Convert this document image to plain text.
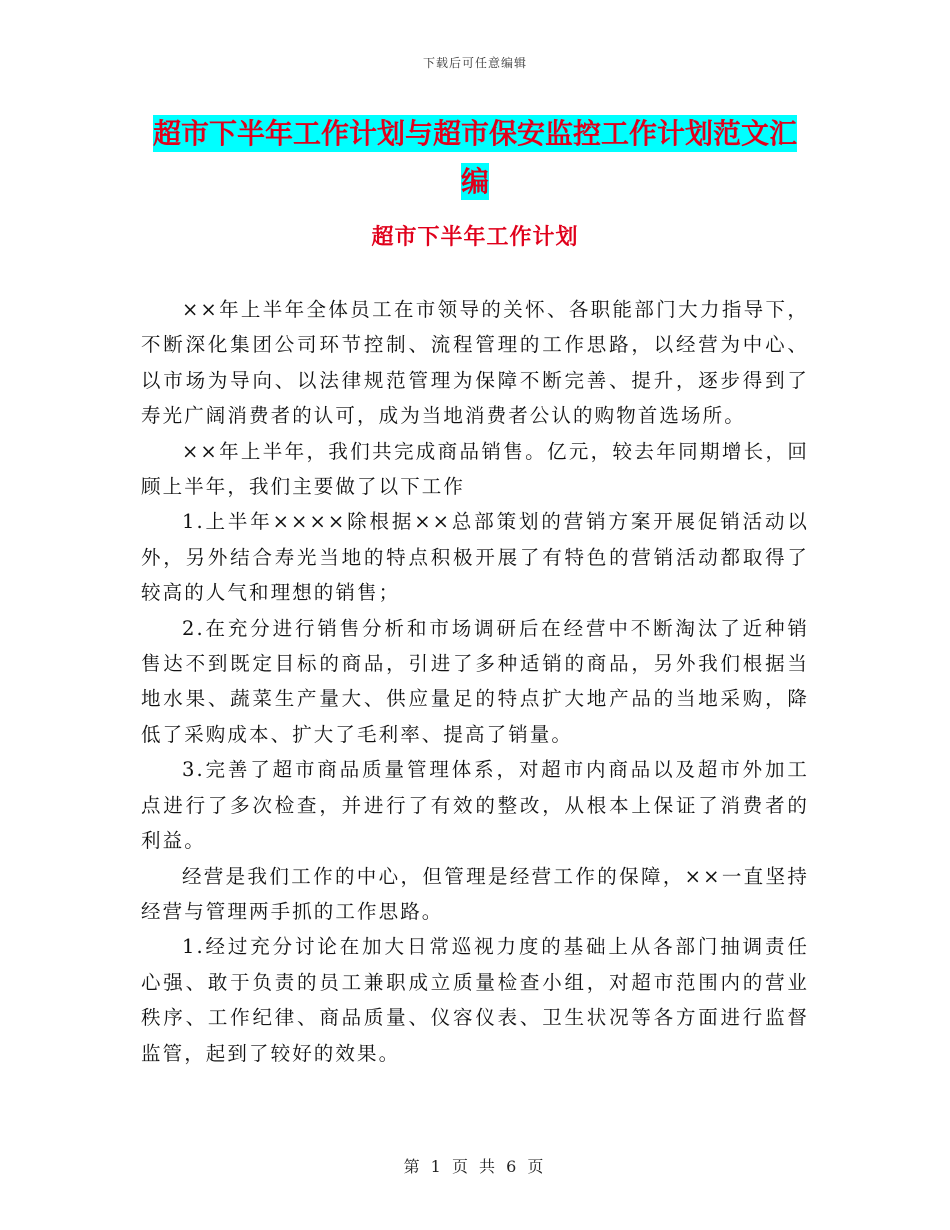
下载后可任意编辑
超市下半年工作计划与超市保安监控工作计划范文汇
编
超市下半年工作计划

××年上半年全体员工在市领导的关怀、各职能部门大力指导下，不断深化集团公司环节控制、流程管理的工作思路，以经营为中心、以市场为导向、以法律规范管理为保障不断完善、提升，逐步得到了寿光广阔消费者的认可，成为当地消费者公认的购物首选场所。

××年上半年，我们共完成商品销售。亿元，较去年同期增长，回顾上半年，我们主要做了以下工作

1.上半年××××除根据××总部策划的营销方案开展促销活动以外，另外结合寿光当地的特点积极开展了有特色的营销活动都取得了较高的人气和理想的销售；

2.在充分进行销售分析和市场调研后在经营中不断淘汰了近种销售达不到既定目标的商品，引进了多种适销的商品，另外我们根据当地水果、蔬菜生产量大、供应量足的特点扩大地产品的当地采购，降低了采购成本、扩大了毛利率、提高了销量。

3.完善了超市商品质量管理体系，对超市内商品以及超市外加工点进行了多次检查，并进行了有效的整改，从根本上保证了消费者的利益。

经营是我们工作的中心，但管理是经营工作的保障，××一直坚持经营与管理两手抓的工作思路。

1.经过充分讨论在加大日常巡视力度的基础上从各部门抽调责任心强、敢于负责的员工兼职成立质量检查小组，对超市范围内的营业秩序、工作纪律、商品质量、仪容仪表、卫生状况等各方面进行监督监管，起到了较好的效果。

第 1 页 共 6 页
